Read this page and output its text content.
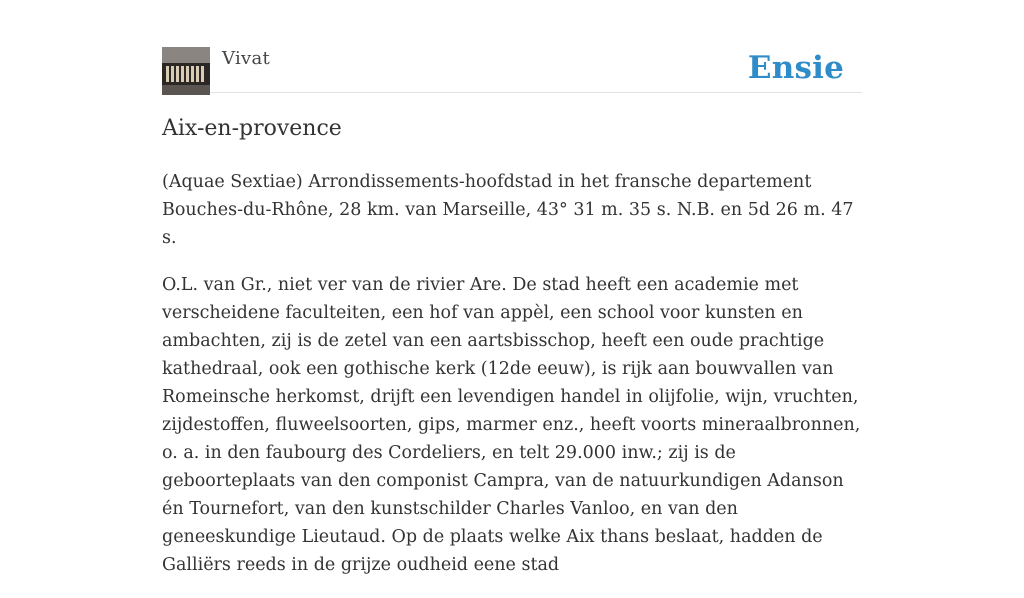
Vivat	Ensie
Aix-en-provence

(Aquae Sextiae) Arrondissements-hoofdstad in het fransche departement Bouches-du-Rhône, 28 km. van Marseille, 43° 31 m. 35 s. N.B. en 5d 26 m. 47 s.

O.L. van Gr., niet ver van de rivier Are. De stad heeft een academie met verscheidene faculteiten, een hof van appèl, een school voor kunsten en ambachten, zij is de zetel van een aartsbisschop, heeft een oude prachtige kathedraal, ook een gothische kerk (12de eeuw), is rijk aan bouwvallen van Romeinsche herkomst, drijft een levendigen handel in olijfolie, wijn, vruchten, zijdestoffen, fluweelsoorten, gips, marmer enz., heeft voorts mineraalbronnen, o. a. in den faubourg des Cordeliers, en telt 29.000 inw.; zij is de geboorteplaats van den componist Campra, van de natuurkundigen Adanson én Tournefort, van den kunstschilder Charles Vanloo, en van den geneeskundige Lieutaud. Op de plaats welke Aix thans beslaat, hadden de Galliërs reeds in de grijze oudheid eene stad
